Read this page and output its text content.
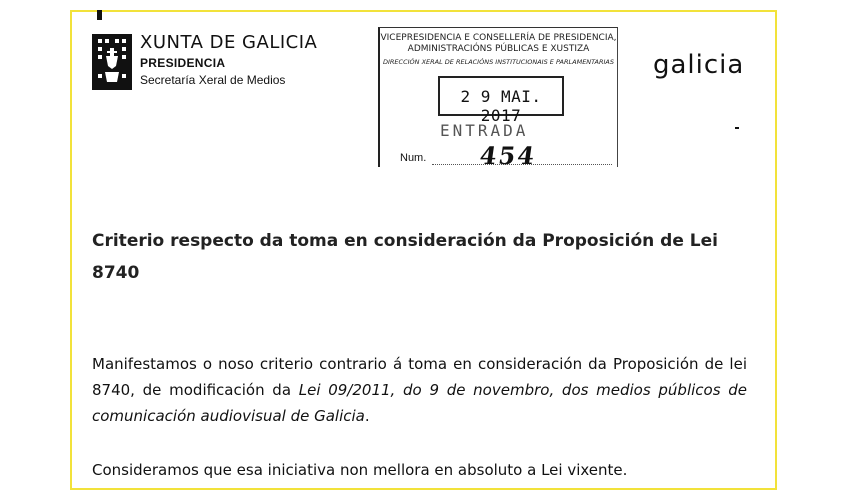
XUNTA DE GALICIA
PRESIDENCIA
Secretaría Xeral de Medios
VICEPRESIDENCIA E CONSELLERÍA DE PRESIDENCIA,
ADMINISTRACIÓNS PÚBLICAS E XUSTIZA
DIRECCIÓN XERAL DE RELACIÓNS INSTITUCIONAIS E PARLAMENTARIAS
2 9 MAI. 2017
ENTRADA
Num. 454
galicia
Criterio respecto da toma en consideración da Proposición de Lei 8740
Manifestamos o noso criterio contrario á toma en consideración da Proposición de lei 8740, de modificación da Lei 09/2011, do 9 de novembro, dos medios públicos de comunicación audiovisual de Galicia.
Consideramos que esa iniciativa non mellora en absoluto a Lei vixente.
